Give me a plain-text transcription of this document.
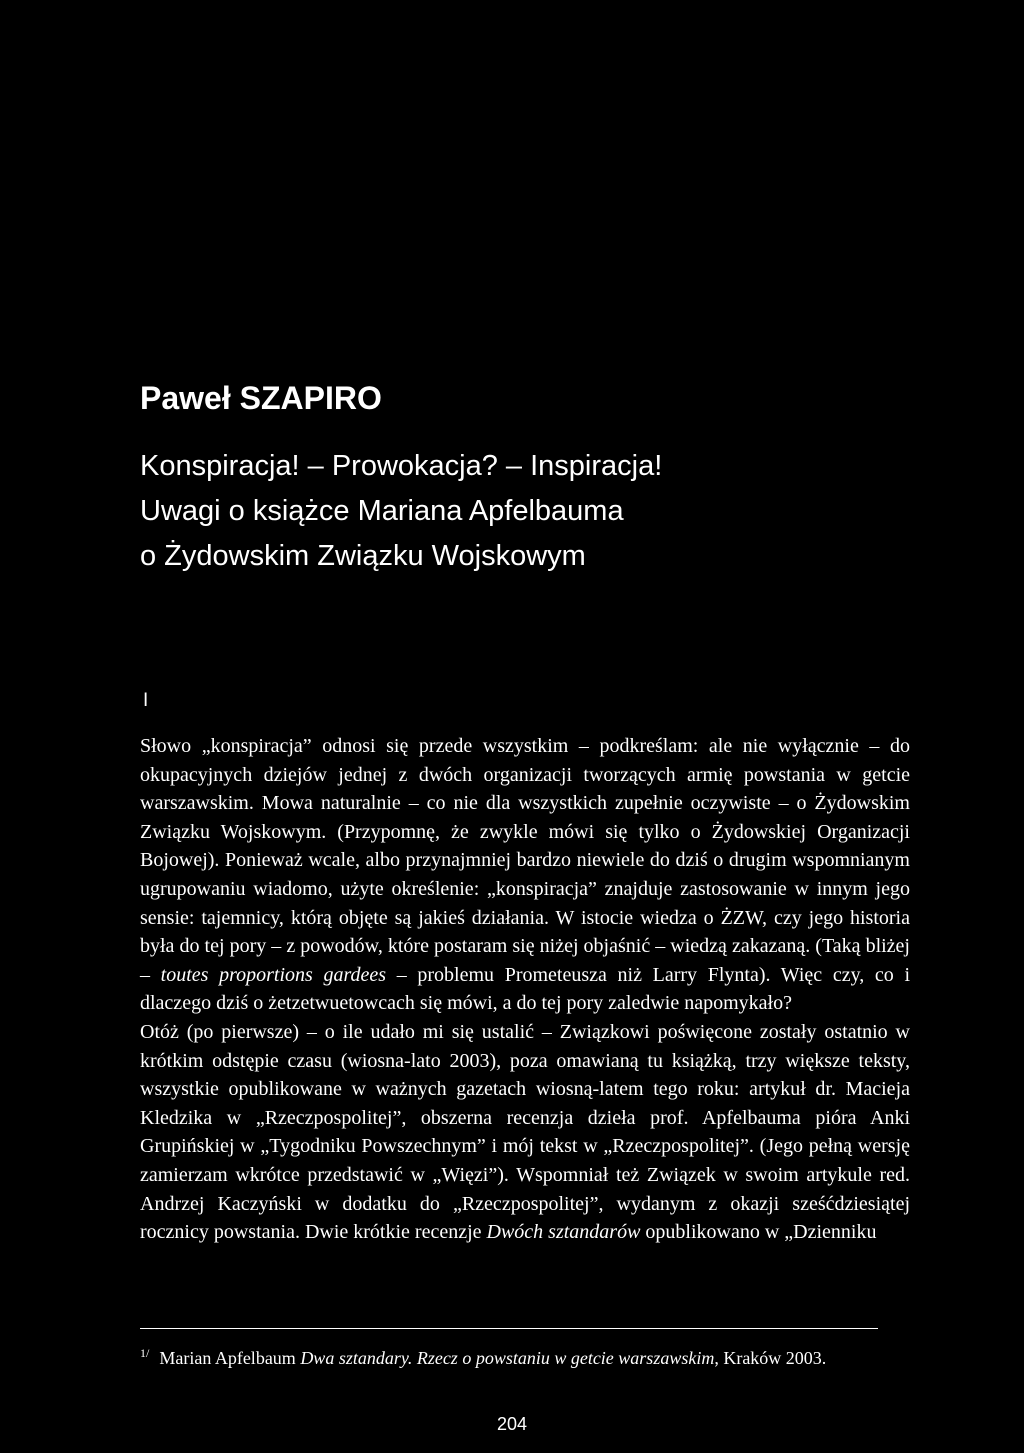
Paweł SZAPIRO
Konspiracja! – Prowokacja? – Inspiracja!
Uwagi o książce Mariana Apfelbauma
o Żydowskim Związku Wojskowym
I

Słowo „konspiracja” odnosi się przede wszystkim – podkreślam: ale nie wyłącznie – do okupacyjnych dziejów jednej z dwóch organizacji tworzących armię powstania w getcie warszawskim. Mowa naturalnie – co nie dla wszystkich zupełnie oczywiste – o Żydowskim Związku Wojskowym. (Przypomnę, że zwykle mówi się tylko o Żydowskiej Organizacji Bojowej). Ponieważ wcale, albo przynajmniej bardzo niewiele do dziś o drugim wspomnianym ugrupowaniu wiadomo, użyte określenie: „konspiracja” znajduje zastosowanie w innym jego sensie: tajemnicy, którą objęte są jakieś działania. W istocie wiedza o ŻZW, czy jego historia była do tej pory – z powodów, które postaram się niżej objaśnić – wiedzą zakazaną. (Taką bliżej – toutes proportions gardees – problemu Prometeusza niż Larry Flynta). Więc czy, co i dlaczego dziś o żetzetwuetowcach się mówi, a do tej pory zaledwie napomykało?

Otóż (po pierwsze) – o ile udało mi się ustalić – Związkowi poświęcone zostały ostatnio w krótkim odstępie czasu (wiosna-lato 2003), poza omawianą tu książką, trzy większe teksty, wszystkie opublikowane w ważnych gazetach wiosną-latem tego roku: artykuł dr. Macieja Kledzika w „Rzeczpospolitej”, obszerna recenzja dzieła prof. Apfelbauma pióra Anki Grupińskiej w „Tygodniku Powszechnym” i mój tekst w „Rzeczpospolitej”. (Jego pełną wersję zamierzam wkrótce przedstawić w „Więzi”). Wspomniał też Związek w swoim artykule red. Andrzej Kaczyński w dodatku do „Rzeczpospolitej”, wydanym z okazji sześćdziesiątej rocznicy powstania. Dwie krótkie recenzje Dwóch sztandarów opublikowano w „Dzienniku

$^{1/}$ Marian Apfelbaum Dwa sztandary. Rzecz o powstaniu w getcie warszawskim, Kraków 2003.
204
